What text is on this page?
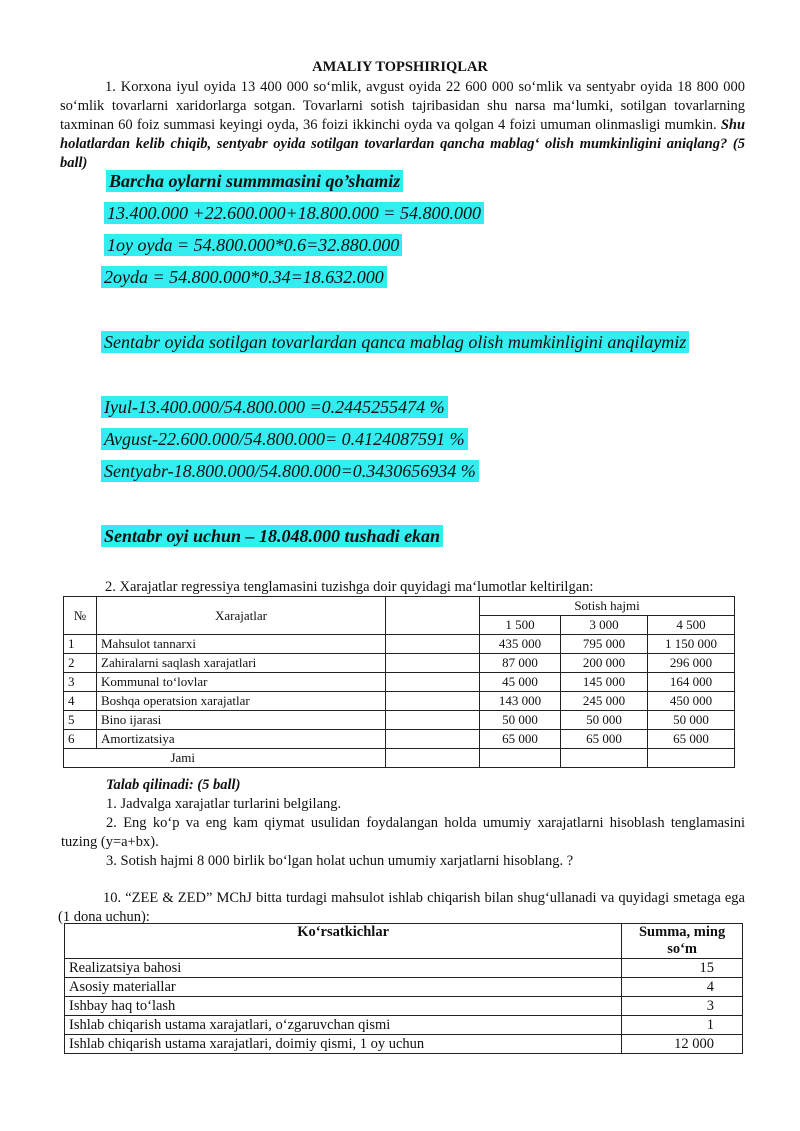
AMALIY TOPSHIRIQLAR
1. Korxona iyul oyida 13 400 000 so‘mlik, avgust oyida 22 600 000 so‘mlik va sentyabr oyida 18 800 000 so‘mlik tovarlarni xaridorlarga sotgan. Tovarlarni sotish tajribasidan shu narsa ma‘lumki, sotilgan tovarlarning taxminan 60 foiz summasi keyingi oyda, 36 foizi ikkinchi oyda va qolgan 4 foizi umuman olinmasligi mumkin. Shu holatlardan kelib chiqib, sentyabr oyida sotilgan tovarlardan qancha mablag‘ olish mumkinligini aniqlang? (5 ball)
Barcha oylarni summmasini qo’shamiz
13.400.000 +22.600.000+18.800.000 = 54.800.000
1oy oyda = 54.800.000*0.6=32.880.000
2oyda = 54.800.000*0.34=18.632.000
Sentabr oyida sotilgan tovarlardan qanca mablag olish mumkinligini anqilaymiz
Iyul-13.400.000/54.800.000 =0.2445255474 %
Avgust-22.600.000/54.800.000= 0.4124087591 %
Sentyabr-18.800.000/54.800.000=0.3430656934 %
Sentabr oyi uchun – 18.048.000 tushadi ekan
2. Xarajatlar regressiya tenglamasini tuzishga doir quyidagi ma‘lumotlar keltirilgan:
№	Xarajatlar		Sotish hajmi		
			1 500	3 000	4 500
1	Mahsulot tannarxi		435 000	795 000	1 150 000
2	Zahiralarni saqlash xarajatlari		87 000	200 000	296 000
3	Kommunal to‘lovlar		45 000	145 000	164 000
4	Boshqa operatsion xarajatlar		143 000	245 000	450 000
5	Bino ijarasi		50 000	50 000	50 000
6	Amortizatsiya		65 000	65 000	65 000
	Jami				
Talab qilinadi: (5 ball)
1. Jadvalga xarajatlar turlarini belgilang.
2. Eng ko‘p va eng kam qiymat usulidan foydalangan holda umumiy xarajatlarni hisoblash tenglamasini tuzing (y=a+bx).
3. Sotish hajmi 8 000 birlik bo‘lgan holat uchun umumiy xarjatlarni hisoblang. ?
10. “ZEE & ZED” MChJ bitta turdagi mahsulot ishlab chiqarish bilan shug‘ullanadi va quyidagi smetaga ega (1 dona uchun):
Ko‘rsatkichlar	Summa, ming so‘m
Realizatsiya bahosi	15
Asosiy materiallar	4
Ishbay haq to‘lash	3
Ishlab chiqarish ustama xarajatlari, o‘zgaruvchan qismi	1
Ishlab chiqarish ustama xarajatlari, doimiy qismi, 1 oy uchun	12 000
